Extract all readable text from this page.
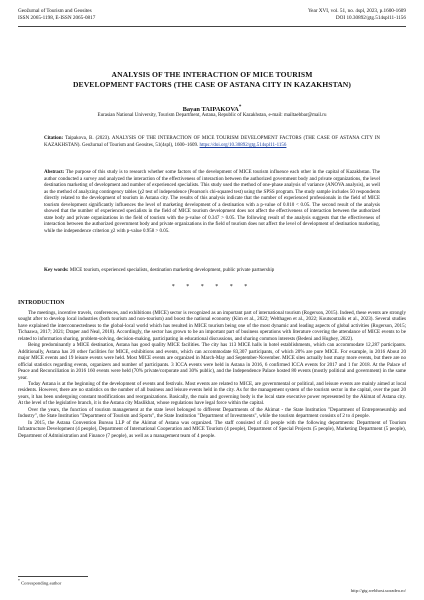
Geožurnal of Tourism and Geosites
ISSN 2065-1198, E-ISSN 2065-0817
Year XVI, vol. 51, no. 4spl, 2023, p.1600-1609
DOI 10.30892/gtg.514spl11-1156
ANALYSIS OF THE INTERACTION OF MICE TOURISM
DEVELOPMENT FACTORS (THE CASE OF ASTANA CITY IN KAZAKHSTAN)
Bayan TAIPAKOVA*
Eurasian National University, Tourism Department, Astana, Republic of Kazakhstan, e-mail: mailtaebbar@mail.ru
Citation: Taipakova, B. (2023). ANALYSIS OF THE INTERACTION OF MICE TOURISM DEVELOPMENT FACTORS (THE CASE OF ASTANA CITY IN KAZAKHSTAN). Geožurnal of Tourism and Geosites, 51(4spl), 1600–1609. https://doi.org/10.30892/gtg.514spl11-1156
Abstract: The purpose of this study is to research whether some factors of the development of MICE tourism influence each other in the capital of Kazakhstan. The author conducted a survey and analyzed the interaction of the effectiveness of interaction between the authorized government body and private organizations, the level destination marketing of development and number of experienced specialists. This study used the method of one-phase analysis of variance (ANOVA analysis), as well as the method of analyzing contingency tables (χ2 test of independence (Pearson's chi-squared test) using the SPSS program. The study sample includes 50 respondents directly related to the development of tourism in Astana city. The results of this analysis indicate that the number of experienced professionals in the field of MICE tourism development significantly influences the level of marketing development of a destination with a p-value of 0.010 < 0.05. The second result of the analysis showed that the number of experienced specialists in the field of MICE tourism development does not affect the effectiveness of interaction between the authorized state body and private organizations in the field of tourism with the p-value of 0.347 > 0.05. The following result of the analysis suggests that the effectiveness of interaction between the authorized government body and private organizations in the field of tourism does not affect the level of development of destination marketing, while the independence criterion χ2 with p-value 0.958 > 0.05.
Key words: MICE tourism, experienced specialists, destination marketing development, public private partnership
* * * * * *
INTRODUCTION

The meetings, incentive travels, conferences, and exhibitions (MICE) sector is recognized as an important part of international tourism (Rogerson, 2015). Indeed, these events are strongly sought after to develop local industries (both tourism and non-tourism) and boost the national economy (Kim et al., 2022; Welthagen et al., 2022; Koutsoutralis et al., 2023). Several studies have explained the interconnectedness to the global-local world which has resulted in MICE tourism being one of the most dynamic and leading aspects of global activities (Rogerson, 2015; Tichaawa, 2017; 2021; Draper and Neal, 2018). Accordingly, the sector has grown to be an important part of business operations with literature covering the attendance of MICE events to be related to information sharing, problem-solving, decision-making, participating in educational discussions, and sharing common interests (Bedeni and Hughey, 2022).

Being predominantly a MICE destination, Astana has good quality MICE facilities. The city has 113 MICE halls in hotel establishments, which can accommodate 12,287 participants. Additionally, Astana has 20 other facilities for MICE, exhibitions and events, which can accommodate 83,307 participants, of which 20% are pure MICE. For example, in 2016 About 20 major MICE events and 19 leisure events were held. Most MICE events are organized in March-May and September-November. MICE sites actually host many more events, but there are no official statistics regarding events, organizers and number of participants. 3 ICCA events were held in Astana in 2016, 6 confirmed ICCA events for 2017 and 1 for 2018. At the Palace of Peace and Reconciliation in 2016 160 events were held (70% private/corporate and 30% public), and the Independence Palace hosted 80 events (mostly political and government) in the same year.

Today Astana is at the beginning of the development of events and festivals. Most events are related to MICE, are governmental or political, and leisure events are mainly aimed at local residents. However, there are no statistics on the number of all business and leisure events held in the city. As for the management system of the tourism sector in the capital, over the past 20 years, it has been undergoing constant modifications and reorganizations. Basically, the main and governing body is the local state executive power represented by the Akimat of Astana city. At the level of the legislative branch, it is the Astana city Maslikhat, whose regulations have legal force within the capital.

Over the years, the function of tourism management at the state level belonged to different Departments of the Akimat - the State Institution "Department of Entrepreneurship and Industry", the State Institution "Department of Tourism and Sports", the State Institution "Department of Investments", while the tourism department consists of 2 to 4 people.

In 2015, the Astana Convention Bureau LLP of the Akimat of Astana was organized. The staff consisted of 43 people with the following departments: Department of Tourism Infrastructure Development (4 people), Department of International Cooperation and MICE Tourism (4 people), Department of Special Projects (5 people), Marketing Department (5 people), Department of Administration and Finance (7 people), as well as a management team of 4 people.

* Corresponding author
http://gtg.webhost.uoradea.ro/
